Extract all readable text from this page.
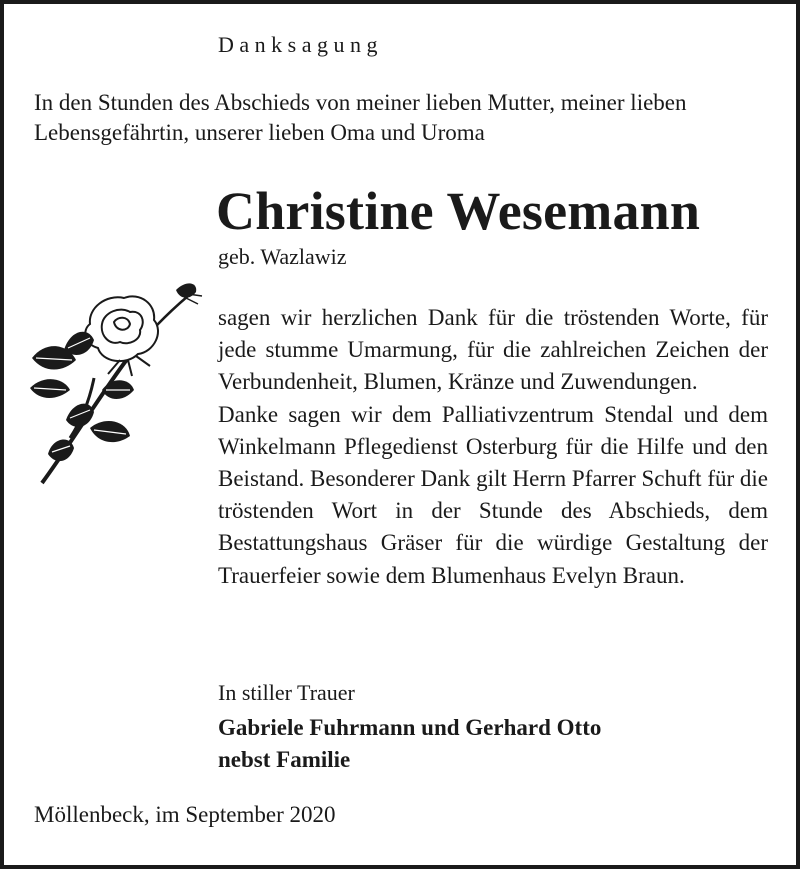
Danksagung
In den Stunden des Abschieds von meiner lieben Mutter, meiner lieben Lebensgefährtin, unserer lieben Oma und Uroma
Christine Wesemann
geb. Wazlawiz

sagen wir herzlichen Dank für die tröstenden Worte, für jede stumme Umarmung, für die zahlreichen Zeichen der Verbundenheit, Blumen, Kränze und Zuwendungen.

Danke sagen wir dem Palliativzentrum Stendal und dem Winkelmann Pflegedienst Osterburg für die Hilfe und den Beistand. Besonderer Dank gilt Herrn Pfarrer Schuft für die tröstenden Wort in der Stunde des Abschieds, dem Bestattungshaus Gräser für die würdige Gestaltung der Trauerfeier sowie dem Blumenhaus Evelyn Braun.

In stiller Trauer
Gabriele Fuhrmann und Gerhard Otto
nebst Familie
Möllenbeck, im September 2020
